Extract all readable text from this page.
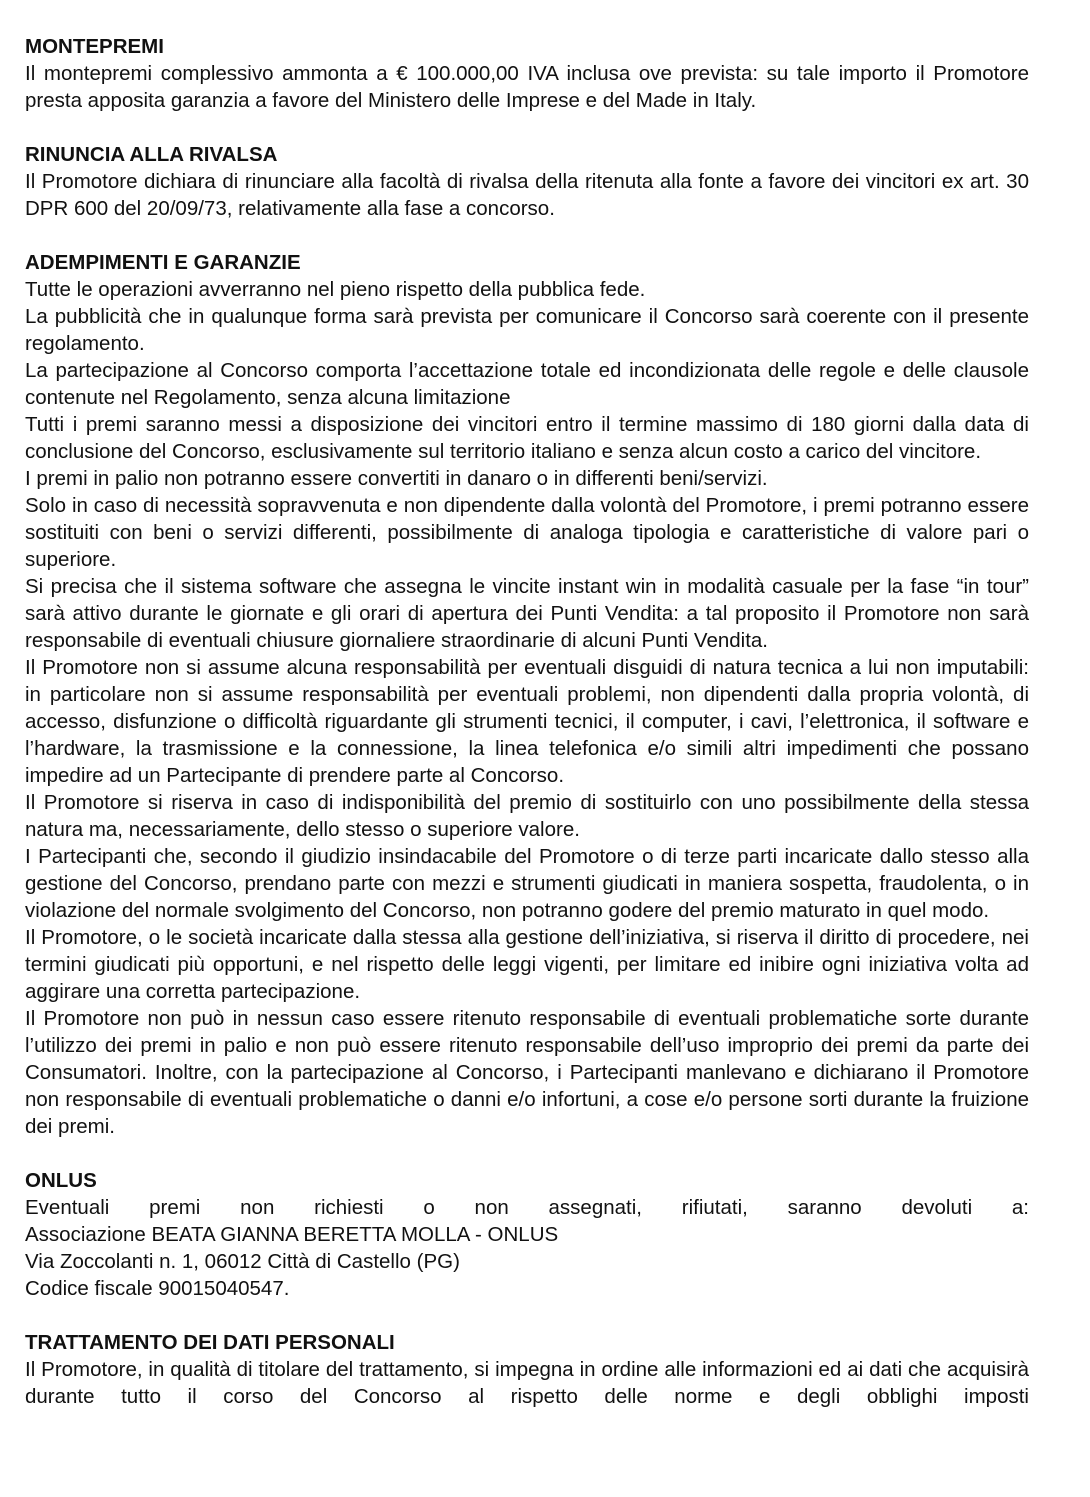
MONTEPREMI

Il montepremi complessivo ammonta a € 100.000,00 IVA inclusa ove prevista: su tale importo il Promotore presta apposita garanzia a favore del Ministero delle Imprese e del Made in Italy.

RINUNCIA ALLA RIVALSA

Il Promotore dichiara di rinunciare alla facoltà di rivalsa della ritenuta alla fonte a favore dei vincitori ex art. 30 DPR 600 del 20/09/73, relativamente alla fase a concorso.

ADEMPIMENTI E GARANZIE

Tutte le operazioni avverranno nel pieno rispetto della pubblica fede.

La pubblicità che in qualunque forma sarà prevista per comunicare il Concorso sarà coerente con il presente regolamento.

La partecipazione al Concorso comporta l’accettazione totale ed incondizionata delle regole e delle clausole contenute nel Regolamento, senza alcuna limitazione

Tutti i premi saranno messi a disposizione dei vincitori entro il termine massimo di 180 giorni dalla data di conclusione del Concorso, esclusivamente sul territorio italiano e senza alcun costo a carico del vincitore.

I premi in palio non potranno essere convertiti in danaro o in differenti beni/servizi.

Solo in caso di necessità sopravvenuta e non dipendente dalla volontà del Promotore, i premi potranno essere sostituiti con beni o servizi differenti, possibilmente di analoga tipologia e caratteristiche di valore pari o superiore.

Si precisa che il sistema software che assegna le vincite instant win in modalità casuale per la fase “in tour” sarà attivo durante le giornate e gli orari di apertura dei Punti Vendita: a tal proposito il Promotore non sarà responsabile di eventuali chiusure giornaliere straordinarie di alcuni Punti Vendita.

Il Promotore non si assume alcuna responsabilità per eventuali disguidi di natura tecnica a lui non imputabili: in particolare non si assume responsabilità per eventuali problemi, non dipendenti dalla propria volontà, di accesso, disfunzione o difficoltà riguardante gli strumenti tecnici, il computer, i cavi, l’elettronica, il software e l’hardware, la trasmissione e la connessione, la linea telefonica e/o simili altri impedimenti che possano impedire ad un Partecipante di prendere parte al Concorso.

Il Promotore si riserva in caso di indisponibilità del premio di sostituirlo con uno possibilmente della stessa natura ma, necessariamente, dello stesso o superiore valore.

I Partecipanti che, secondo il giudizio insindacabile del Promotore o di terze parti incaricate dallo stesso alla gestione del Concorso, prendano parte con mezzi e strumenti giudicati in maniera sospetta, fraudolenta, o in violazione del normale svolgimento del Concorso, non potranno godere del premio maturato in quel modo.

Il Promotore, o le società incaricate dalla stessa alla gestione dell’iniziativa, si riserva il diritto di procedere, nei termini giudicati più opportuni, e nel rispetto delle leggi vigenti, per limitare ed inibire ogni iniziativa volta ad aggirare una corretta partecipazione.

Il Promotore non può in nessun caso essere ritenuto responsabile di eventuali problematiche sorte durante l’utilizzo dei premi in palio e non può essere ritenuto responsabile dell’uso improprio dei premi da parte dei Consumatori. Inoltre, con la partecipazione al Concorso, i Partecipanti manlevano e dichiarano il Promotore non responsabile di eventuali problematiche o danni e/o infortuni, a cose e/o persone sorti durante la fruizione dei premi.

ONLUS

Eventuali premi non richiesti o non assegnati, rifiutati, saranno devoluti a:

Associazione BEATA GIANNA BERETTA MOLLA - ONLUS

Via Zoccolanti n. 1, 06012 Città di Castello (PG)

Codice fiscale 90015040547.

TRATTAMENTO DEI DATI PERSONALI

Il Promotore, in qualità di titolare del trattamento, si impegna in ordine alle informazioni ed ai dati che acquisirà durante tutto il corso del Concorso al rispetto delle norme e degli obblighi imposti
